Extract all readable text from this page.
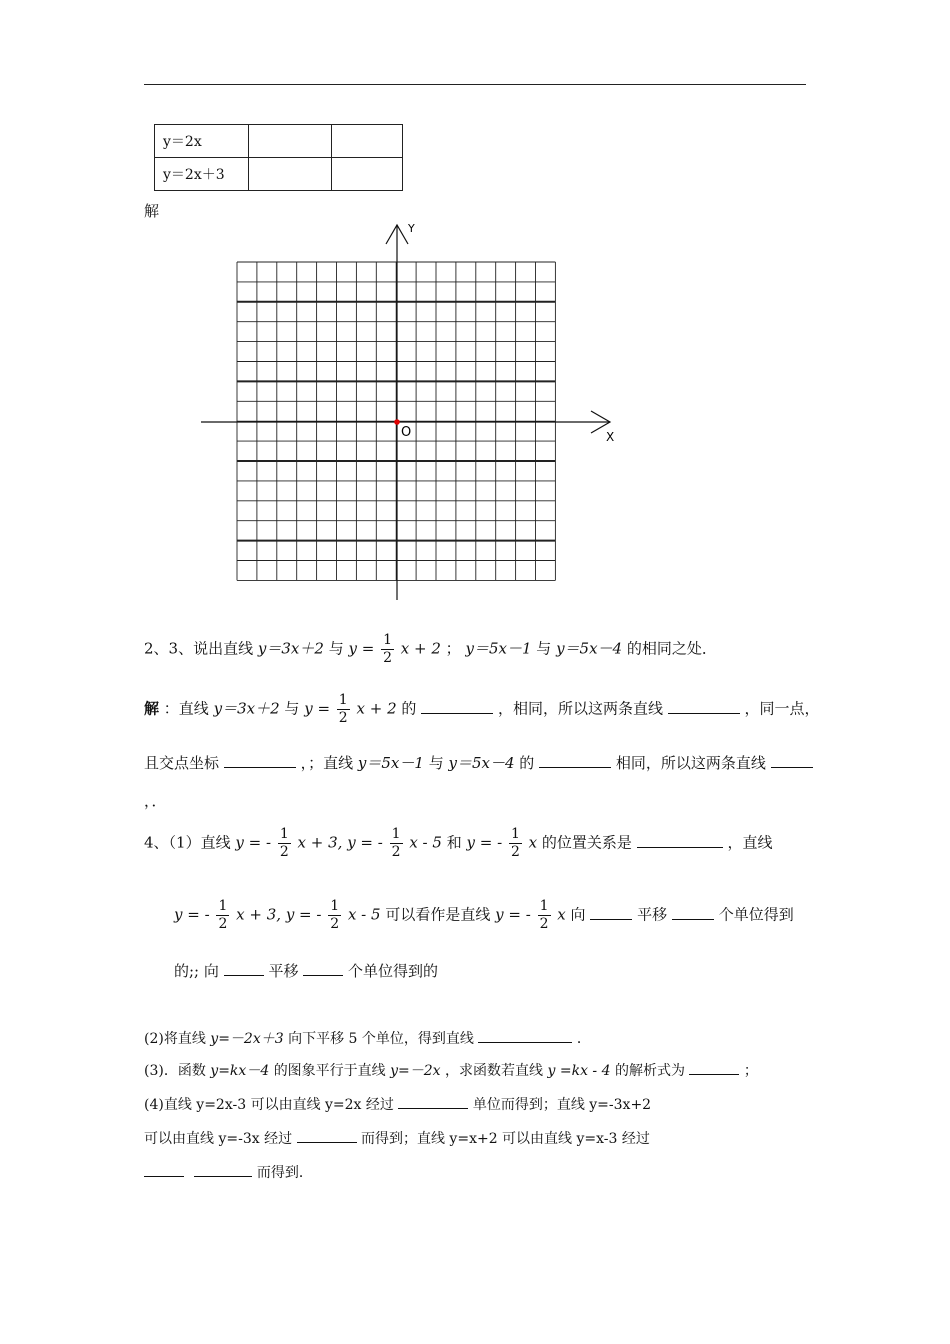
y＝2x		
y＝2x＋3		
解
Y
X
O
2、3、说出直线 y＝3x＋2 与 $y = \frac{1}{2}$ x + 2 ； y＝5x－1 与 y＝5x－4 的相同之处．
解 ：直线 y＝3x＋2 与 $y = \frac{1}{2}$ x + 2 的	，相同，所以这两条直线	，同一点，
且交点坐标	，；直线 y＝5x－1 与 y＝5x－4 的	相同，所以这两条直线
，．
4、（1）直线 y = - $\frac{1}{2}$ x + 3, y = - $\frac{1}{2}$ x - 5 和 y = - $\frac{1}{2}$ x 的位置关系是	，直线
y = - $\frac{1}{2}$ x + 3, y = - $\frac{1}{2}$ x - 5 可以看作是直线 y = - $\frac{1}{2}$ x 向	平移	个单位得到
的;; 向	平移	个单位得到的
(2)将直线 y=－2x＋3 向下平移 5 个单位，得到直线	．
(3)．函数 y=kx－4 的图象平行于直线 y=－2x ，求函数若直线 y =kx - 4 的解析式为	；
(4)直线 y=2x-3 可以由直线 y=2x 经过	单位而得到；直线 y=-3x+2
可以由直线 y=-3x 经过	而得到；直线 y=x+2 可以由直线 y=x-3 经过
而得到．
